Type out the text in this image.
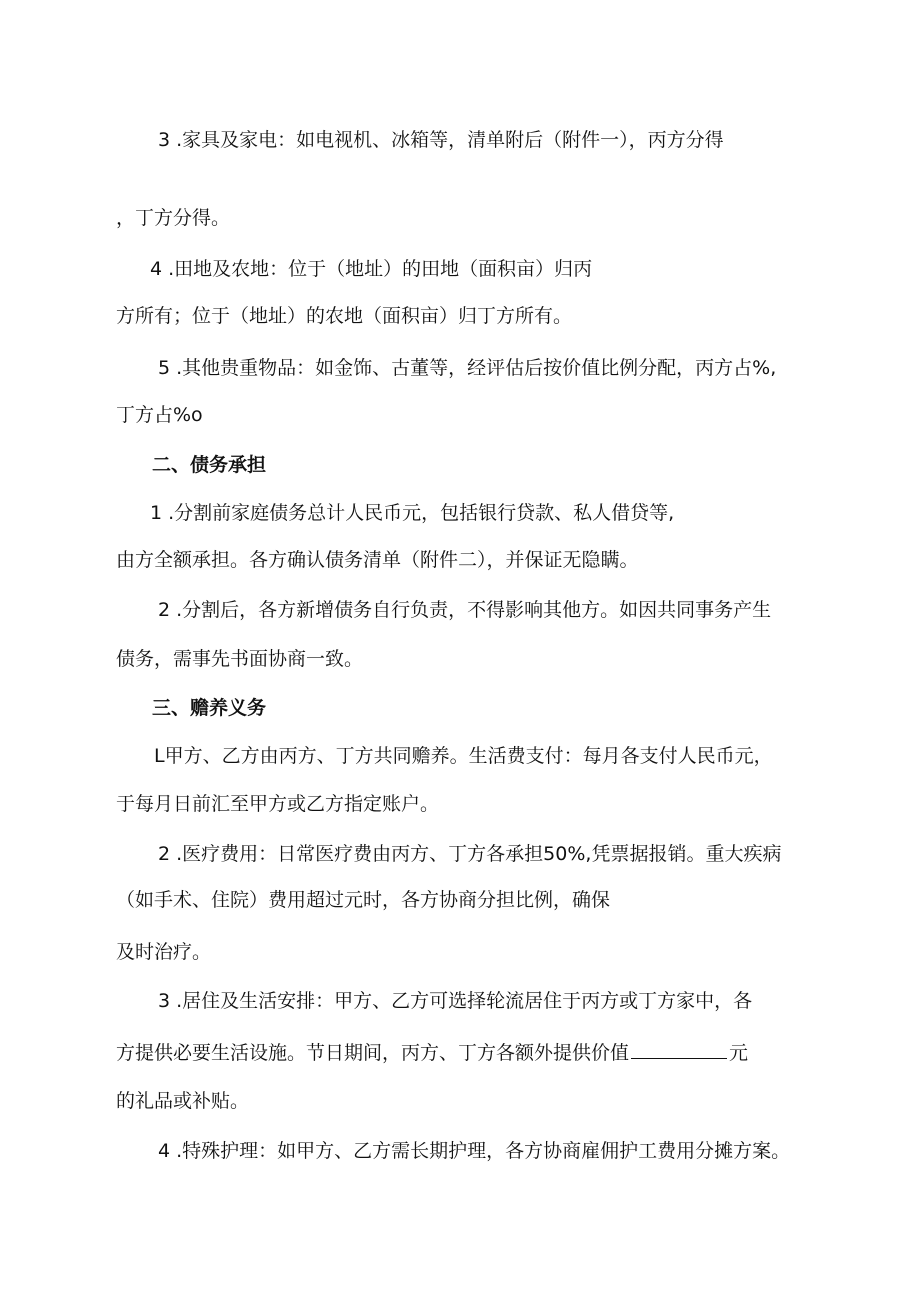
3 .家具及家电：如电视机、冰箱等，清单附后（附件一），丙方分得
，丁方分得。
4 .田地及农地：位于（地址）的田地（面积亩）归丙
方所有；位于（地址）的农地（面积亩）归丁方所有。
5 .其他贵重物品：如金饰、古董等，经评估后按价值比例分配，丙方占%,
丁方占%o
二、债务承担
1 .分割前家庭债务总计人民币元，包括银行贷款、私人借贷等,
由方全额承担。各方确认债务清单（附件二），并保证无隐瞒。
2 .分割后，各方新增债务自行负责，不得影响其他方。如因共同事务产生
债务，需事先书面协商一致。
三、赡养义务
L甲方、乙方由丙方、丁方共同赡养。生活费支付：每月各支付人民币元，
于每月日前汇至甲方或乙方指定账户。
2 .医疗费用：日常医疗费由丙方、丁方各承担50%,凭票据报销。重大疾病
（如手术、住院）费用超过元时，各方协商分担比例，确保
及时治疗。
3 .居住及生活安排：甲方、乙方可选择轮流居住于丙方或丁方家中，各
方提供必要生活设施。节日期间，丙方、丁方各额外提供价值	元
的礼品或补贴。
4 .特殊护理：如甲方、乙方需长期护理，各方协商雇佣护工费用分摊方案。
